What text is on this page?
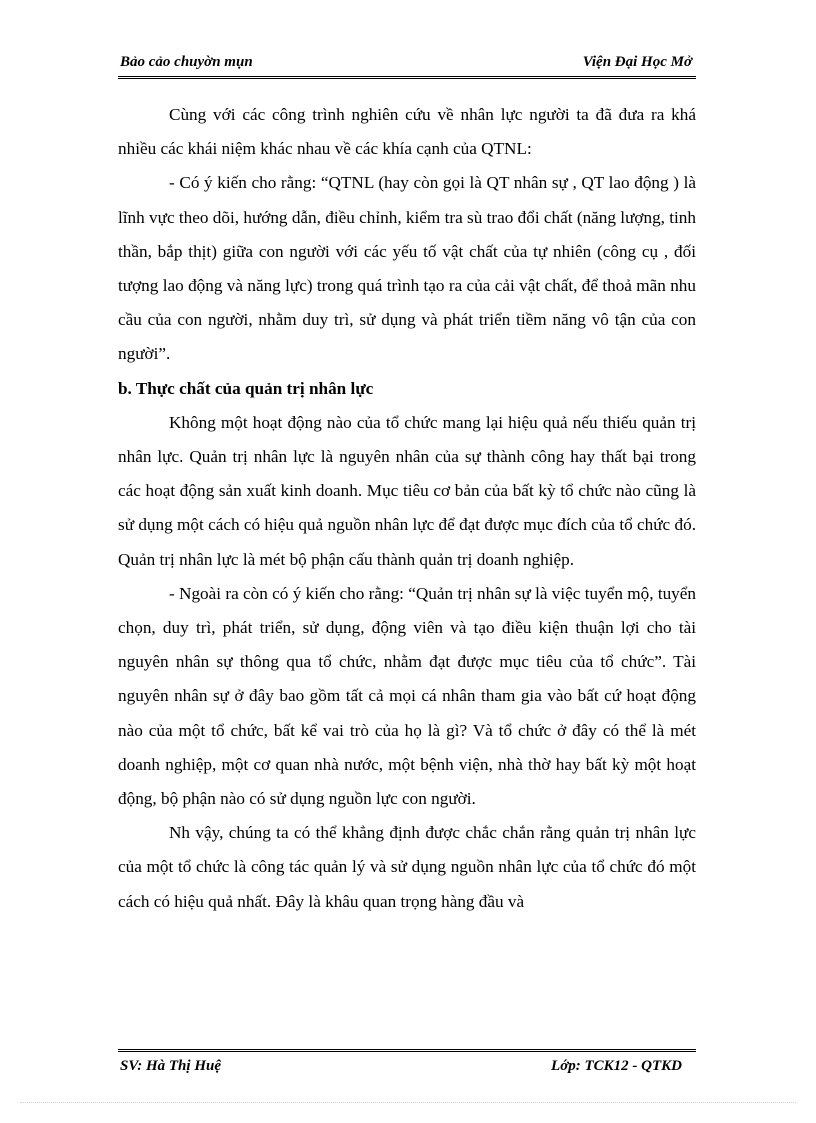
Bảo cảo chuyờn mụn	Viện Đại Học Mở

Cùng với các công trình nghiên cứu về nhân lực người ta đã đưa ra khá nhiều các khái niệm khác nhau về các khía cạnh của QTNL:

- Có ý kiến cho rằng: “QTNL (hay còn gọi là QT nhân sự , QT lao động ) là lĩnh vực theo dõi, hướng dẫn, điều chỉnh, kiểm tra sù trao đổi chất (năng lượng, tinh thần, bắp thịt) giữa con người với các yếu tố vật chất của tự nhiên (công cụ , đối tượng lao động và năng lực) trong quá trình tạo ra của cải vật chất, để thoả mãn nhu cầu của con người, nhằm duy trì, sử dụng và phát triển tiềm năng vô tận của con người”.

b. Thực chất của quản trị nhân lực

Không một hoạt động nào của tổ chức mang lại hiệu quả nếu thiếu quản trị nhân lực. Quản trị nhân lực là nguyên nhân của sự thành công hay thất bại trong các hoạt động sản xuất kinh doanh. Mục tiêu cơ bản của bất kỳ tổ chức nào cũng là sử dụng một cách có hiệu quả nguồn nhân lực để đạt được mục đích của tổ chức đó. Quản trị nhân lực là mét bộ phận cấu thành quản trị doanh nghiệp.

- Ngoài ra còn có ý kiến cho rằng: “Quản trị nhân sự là việc tuyển mộ, tuyển chọn, duy trì, phát triển, sử dụng, động viên và tạo điều kiện thuận lợi cho tài nguyên nhân sự thông qua tổ chức, nhằm đạt được mục tiêu của tổ chức”. Tài nguyên nhân sự ở đây bao gồm tất cả mọi cá nhân tham gia vào bất cứ hoạt động nào của một tổ chức, bất kể vai trò của họ là gì? Và tổ chức ở đây có thể là mét doanh nghiệp, một cơ quan nhà nước, một bệnh viện, nhà thờ hay bất kỳ một hoạt động, bộ phận nào có sử dụng nguồn lực con người.

Nh vậy, chúng ta có thể khẳng định được chắc chắn rằng quản trị nhân lực của một tổ chức là công tác quản lý và sử dụng nguồn nhân lực của tổ chức đó một cách có hiệu quả nhất. Đây là khâu quan trọng hàng đầu và

SV: Hà Thị Huệ	Lớp: TCK12 - QTKD
